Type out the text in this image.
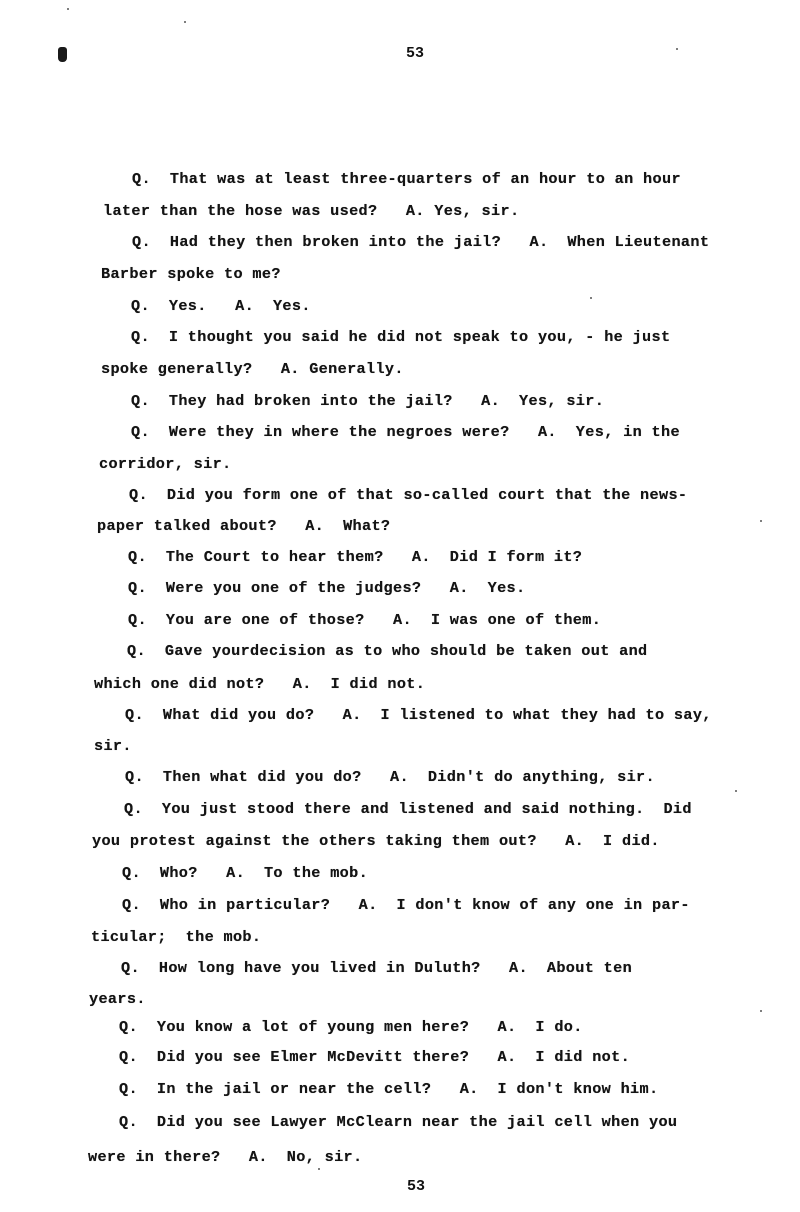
53
Q.  That was at least three-quarters of an hour to an hour
later than the hose was used?   A. Yes, sir.
Q.  Had they then broken into the jail?   A.  When Lieutenant
Barber spoke to me?
Q.  Yes.   A.  Yes.
Q.  I thought you said he did not speak to you, - he just
spoke generally?   A. Generally.
Q.  They had broken into the jail?   A.  Yes, sir.
Q.  Were they in where the negroes were?   A.  Yes, in the
corridor, sir.
Q.  Did you form one of that so-called court that the news-
paper talked about?   A.  What?
Q.  The Court to hear them?   A.  Did I form it?
Q.  Were you one of the judges?   A.  Yes.
Q.  You are one of those?   A.  I was one of them.
Q.  Gave yourdecision as to who should be taken out and
which one did not?   A.  I did not.
Q.  What did you do?   A.  I listened to what they had to say,
sir.
Q.  Then what did you do?   A.  Didn't do anything, sir.
Q.  You just stood there and listened and said nothing.  Did
you protest against the others taking them out?   A.  I did.
Q.  Who?   A.  To the mob.
Q.  Who in particular?   A.  I don't know of any one in par-
ticular;  the mob.
Q.  How long have you lived in Duluth?   A.  About ten
years.
Q.  You know a lot of young men here?   A.  I do.
Q.  Did you see Elmer McDevitt there?   A.  I did not.
Q.  In the jail or near the cell?   A.  I don't know him.
Q.  Did you see Lawyer McClearn near the jail cell when you
were in there?   A.  No, sir.
53
